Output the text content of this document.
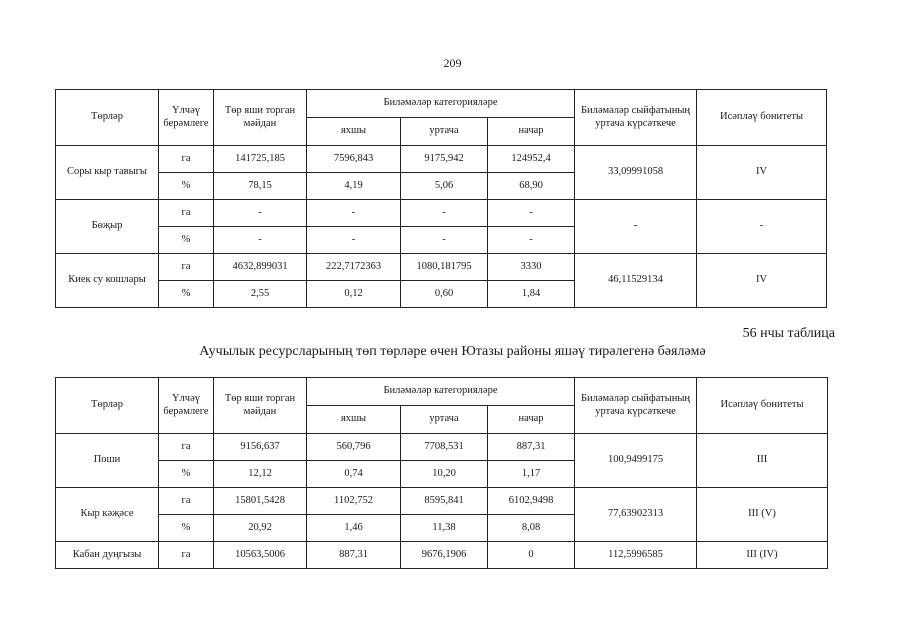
209
Төрләр	Үлчәү берәмлеге	Төр яши торган мәйдан	Биләмәләр категорияләре			Биләмәләр сыйфатының уртача күрсәткече	Исәпләү бонитеты
			яхшы	уртача	начар		
Соры кыр тавыгы	га	141725,185	7596,843	9175,942	124952,4	33,09991058	IV
	%	78,15	4,19	5,06	68,90		
Бөҗыр	га	-	-	-	-	-	-
	%	-	-	-	-		
Киек су кошлары	га	4632,899031	222,7172363	1080,181795	3330	46,11529134	IV
	%	2,55	0,12	0,60	1,84		
56 нчы таблица
Аучылык ресурсларының төп төрләре өчен Ютазы районы яшәү тирәлегенә бәяләмә
Төрләр	Үлчәү берәмлеге	Төр яши торган мәйдан	Биләмәләр категорияләре			Биләмәләр сыйфатының уртача күрсәткече	Исәпләү бонитеты
			яхшы	уртача	начар		
Поши	га	9156,637	560,796	7708,531	887,31	100,9499175	III
	%	12,12	0,74	10,20	1,17		
Кыр кәҗәсе	га	15801,5428	1102,752	8595,841	6102,9498	77,63902313	III (V)
	%	20,92	1,46	11,38	8,08		
Кабан дуңгызы	га	10563,5006	887,31	9676,1906	0	112,5996585	III (IV)
